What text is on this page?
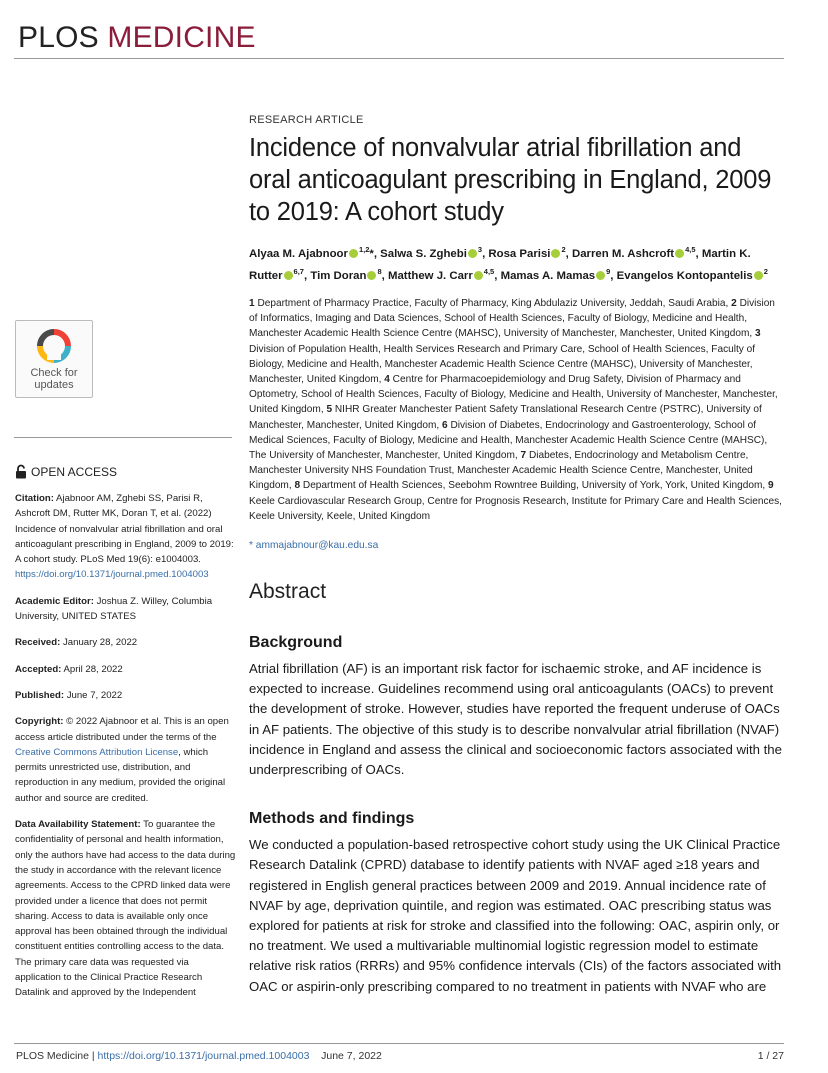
PLOS MEDICINE
Check for updates
OPEN ACCESS

Citation: Ajabnoor AM, Zghebi SS, Parisi R, Ashcroft DM, Rutter MK, Doran T, et al. (2022) Incidence of nonvalvular atrial fibrillation and oral anticoagulant prescribing in England, 2009 to 2019: A cohort study. PLoS Med 19(6): e1004003. https://doi.org/10.1371/journal.pmed.1004003

Academic Editor: Joshua Z. Willey, Columbia University, UNITED STATES

Received: January 28, 2022

Accepted: April 28, 2022

Published: June 7, 2022

Copyright: © 2022 Ajabnoor et al. This is an open access article distributed under the terms of the Creative Commons Attribution License, which permits unrestricted use, distribution, and reproduction in any medium, provided the original author and source are credited.

Data Availability Statement: To guarantee the confidentiality of personal and health information, only the authors have had access to the data during the study in accordance with the relevant licence agreements. Access to the CPRD linked data were provided under a licence that does not permit sharing. Access to data is available only once approval has been obtained through the individual constituent entities controlling access to the data. The primary care data was requested via application to the Clinical Practice Research Datalink and approved by the Independent

RESEARCH ARTICLE
Incidence of nonvalvular atrial fibrillation and oral anticoagulant prescribing in England, 2009 to 2019: A cohort study
Alyaa M. Ajabnoor $^{1,2}$*, Salwa S. Zghebi $^3$, Rosa Parisi $^2$, Darren M. Ashcroft $^{4,5}$, Martin K. Rutter $^{6,7}$, Tim Doran $^8$, Matthew J. Carr $^{4,5}$, Mamas A. Mamas $^9$, Evangelos Kontopantelis $^2$
1 Department of Pharmacy Practice, Faculty of Pharmacy, King Abdulaziz University, Jeddah, Saudi Arabia, 2 Division of Informatics, Imaging and Data Sciences, School of Health Sciences, Faculty of Biology, Medicine and Health, Manchester Academic Health Science Centre (MAHSC), University of Manchester, Manchester, United Kingdom, 3 Division of Population Health, Health Services Research and Primary Care, School of Health Sciences, Faculty of Biology, Medicine and Health, Manchester Academic Health Science Centre (MAHSC), University of Manchester, Manchester, United Kingdom, 4 Centre for Pharmacoepidemiology and Drug Safety, Division of Pharmacy and Optometry, School of Health Sciences, Faculty of Biology, Medicine and Health, University of Manchester, Manchester, United Kingdom, 5 NIHR Greater Manchester Patient Safety Translational Research Centre (PSTRC), University of Manchester, Manchester, United Kingdom, 6 Division of Diabetes, Endocrinology and Gastroenterology, School of Medical Sciences, Faculty of Biology, Medicine and Health, Manchester Academic Health Science Centre (MAHSC), The University of Manchester, Manchester, United Kingdom, 7 Diabetes, Endocrinology and Metabolism Centre, Manchester University NHS Foundation Trust, Manchester Academic Health Science Centre, Manchester, United Kingdom, 8 Department of Health Sciences, Seebohm Rowntree Building, University of York, York, United Kingdom, 9 Keele Cardiovascular Research Group, Centre for Prognosis Research, Institute for Primary Care and Health Sciences, Keele University, Keele, United Kingdom
* ammajabnour@kau.edu.sa
Abstract
Background

Atrial fibrillation (AF) is an important risk factor for ischaemic stroke, and AF incidence is expected to increase. Guidelines recommend using oral anticoagulants (OACs) to prevent the development of stroke. However, studies have reported the frequent underuse of OACs in AF patients. The objective of this study is to describe nonvalvular atrial fibrillation (NVAF) incidence in England and assess the clinical and socioeconomic factors associated with the underprescribing of OACs.

Methods and findings

We conducted a population-based retrospective cohort study using the UK Clinical Practice Research Datalink (CPRD) database to identify patients with NVAF aged ≥18 years and registered in English general practices between 2009 and 2019. Annual incidence rate of NVAF by age, deprivation quintile, and region was estimated. OAC prescribing status was explored for patients at risk for stroke and classified into the following: OAC, aspirin only, or no treatment. We used a multivariable multinomial logistic regression model to estimate relative risk ratios (RRRs) and 95% confidence intervals (CIs) of the factors associated with OAC or aspirin-only prescribing compared to no treatment in patients with NVAF who are

PLOS Medicine | https://doi.org/10.1371/journal.pmed.1004003 June 7, 2022	1 / 27
